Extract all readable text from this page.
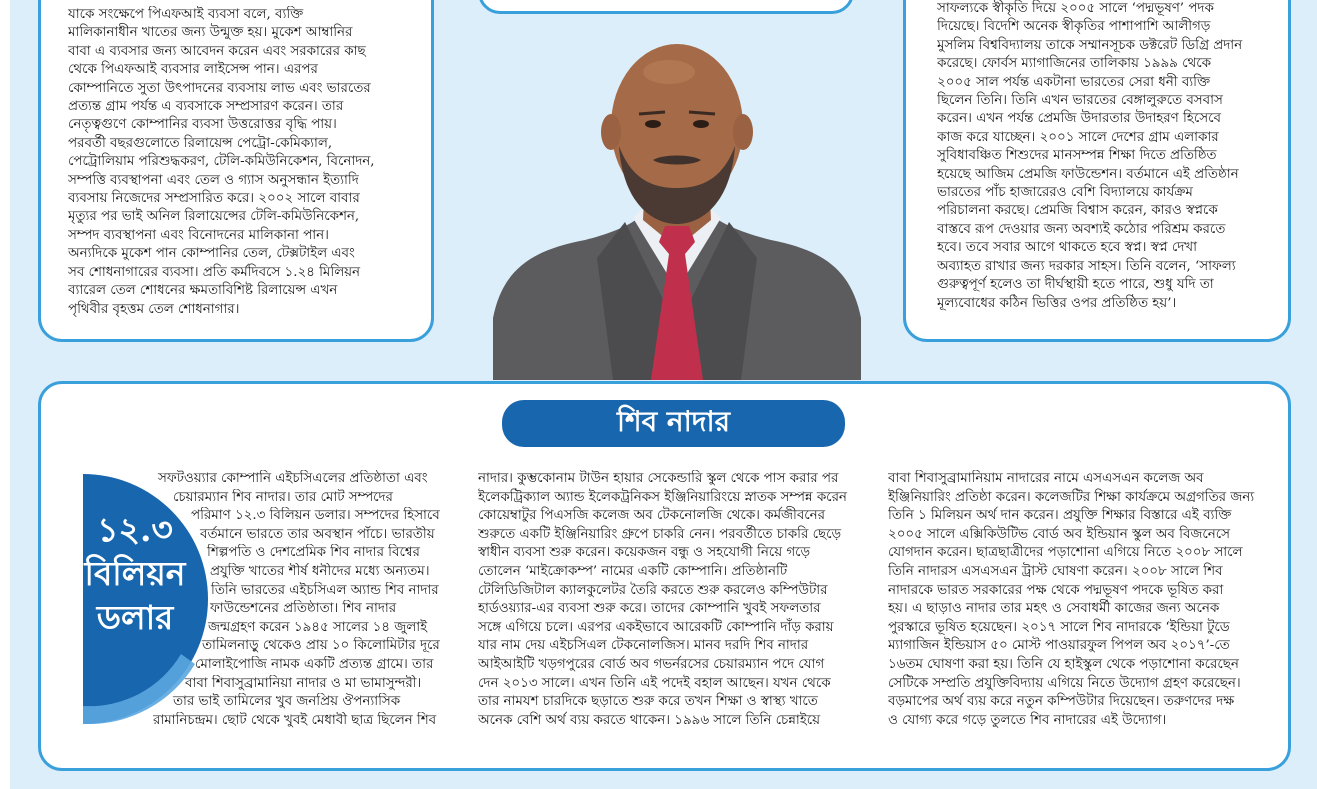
যাকে সংক্ষেপে পিএফআই ব্যবসা বলে, ব্যক্তি
মালিকানাধীন খাতের জন্য উন্মুক্ত হয়। মুকেশ আম্বানির
বাবা এ ব্যবসার জন্য আবেদন করেন এবং সরকারের কাছ
থেকে পিএফআই ব্যবসার লাইসেন্স পান। এরপর
কোম্পানিতে সুতা উৎপাদনের ব্যবসায় লাভ এবং ভারতের
প্রত্যন্ত গ্রাম পর্যন্ত এ ব্যবসাকে সম্প্রসারণ করেন। তার
নেতৃত্বগুণে কোম্পানির ব্যবসা উত্তরোত্তর বৃদ্ধি পায়।
পরবর্তী বছরগুলোতে রিলায়েন্স পেট্রো-কেমিক্যাল,
পেট্রোলিয়াম পরিশুদ্ধকরণ, টেলি-কমিউনিকেশন, বিনোদন,
সম্পত্তি ব্যবস্থাপনা এবং তেল ও গ্যাস অনুসন্ধান ইত্যাদি
ব্যবসায় নিজেদের সম্প্রসারিত করে। ২০০২ সালে বাবার
মৃত্যুর পর ভাই অনিল রিলায়েন্সের টেলি-কমিউনিকেশন,
সম্পদ ব্যবস্থাপনা এবং বিনোদনের মালিকানা পান।
অন্যদিকে মুকেশ পান কোম্পানির তেল, টেক্সটাইল এবং
সব শোধনাগারের ব্যবসা। প্রতি কর্মদিবসে ১.২৪ মিলিয়ন
ব্যারেল তেল শোধনের ক্ষমতাবিশিষ্ট রিলায়েন্স এখন
পৃথিবীর বৃহত্তম তেল শোধনাগার।
সাফল্যকে স্বীকৃতি দিয়ে ২০০৫ সালে ‘পদ্মভূষণ’ পদক
দিয়েছে। বিদেশি অনেক স্বীকৃতির পাশাপাশি আলীগড়
মুসলিম বিশ্ববিদ্যালয় তাকে সম্মানসূচক ডক্টরেট ডিগ্রি প্রদান
করেছে। ফোর্বস ম্যাগাজিনের তালিকায় ১৯৯৯ থেকে
২০০৫ সাল পর্যন্ত একটানা ভারতের সেরা ধনী ব্যক্তি
ছিলেন তিনি। তিনি এখন ভারতের বেঙ্গালুরুতে বসবাস
করেন। এখন পর্যন্ত প্রেমজি উদারতার উদাহরণ হিসেবে
কাজ করে যাচ্ছেন। ২০০১ সালে দেশের গ্রাম এলাকার
সুবিধাবঞ্চিত শিশুদের মানসম্পন্ন শিক্ষা দিতে প্রতিষ্ঠিত
হয়েছে আজিম প্রেমজি ফাউন্ডেশন। বর্তমানে এই প্রতিষ্ঠান
ভারতের পাঁচ হাজারেরও বেশি বিদ্যালয়ে কার্যক্রম
পরিচালনা করছে। প্রেমজি বিশ্বাস করেন, কারও স্বপ্নকে
বাস্তবে রূপ দেওয়ার জন্য অবশ্যই কঠোর পরিশ্রম করতে
হবে। তবে সবার আগে থাকতে হবে স্বপ্ন। স্বপ্ন দেখা
অব্যাহত রাখার জন্য দরকার সাহস। তিনি বলেন, ‘সাফল্য
গুরুত্বপূর্ণ হলেও তা দীর্ঘস্থায়ী হতে পারে, শুধু যদি তা
মূল্যবোধের কঠিন ভিত্তির ওপর প্রতিষ্ঠিত হয়’।
শিব নাদার
১২.৩
বিলিয়ন
ডলার
সফটওয়্যার কোম্পানি এইচসিএলের প্রতিষ্ঠাতা এবং
চেয়ারম্যান শিব নাদার। তার মোট সম্পদের
পরিমাণ ১২.৩ বিলিয়ন ডলার। সম্পদের হিসাবে
বর্তমানে ভারতে তার অবস্থান পাঁচে। ভারতীয়
শিল্পপতি ও দেশপ্রেমিক শিব নাদার বিশ্বের
প্রযুক্তি খাতের শীর্ষ ধনীদের মধ্যে অন্যতম।
তিনি ভারতের এইচসিএল অ্যান্ড শিব নাদার
ফাউন্ডেশনের প্রতিষ্ঠাতা। শিব নাদার
জন্মগ্রহণ করেন ১৯৪৫ সালের ১৪ জুলাই
তামিলনাড়ু থেকেও প্রায় ১০ কিলোমিটার দূরে
মোলাইপোজি নামক একটি প্রত্যন্ত গ্রামে। তার
বাবা শিবাসুব্রামানিয়া নাদার ও মা ভামাসুন্দরী।
তার ভাই তামিলের খুব জনপ্রিয় ঔপন্যাসিক
রামানিচন্দ্রম। ছোট থেকে খুবই মেধাবী ছাত্র ছিলেন শিব
নাদার। কুম্ভকোনাম টাউন হায়ার সেকেন্ডারি স্কুল থেকে পাস করার পর
ইলেকট্রিক্যাল অ্যান্ড ইলেকট্রনিকস ইঞ্জিনিয়ারিংয়ে স্নাতক সম্পন্ন করেন
কোয়েম্বাটুর পিএসজি কলেজ অব টেকনোলজি থেকে। কর্মজীবনের
শুরুতে একটি ইঞ্জিনিয়ারিং গ্রুপে চাকরি নেন। পরবর্তীতে চাকরি ছেড়ে
স্বাধীন ব্যবসা শুরু করেন। কয়েকজন বন্ধু ও সহযোগী নিয়ে গড়ে
তোলেন ‘মাইক্রোকম্প’ নামের একটি কোম্পানি। প্রতিষ্ঠানটি
টেলিডিজিটাল ক্যালকুলেটর তৈরি করতে শুরু করলেও কম্পিউটার
হার্ডওয়্যার-এর ব্যবসা শুরু করে। তাদের কোম্পানি খুবই সফলতার
সঙ্গে এগিয়ে চলে। এরপর একইভাবে আরেকটি কোম্পানি দাঁড় করায়
যার নাম দেয় এইচসিএল টেকনোলজিস। মানব দরদি শিব নাদার
আইআইটি খড়গপুরের বোর্ড অব গভর্নরসের চেয়ারম্যান পদে যোগ
দেন ২০১৩ সালে। এখন তিনি এই পদেই বহাল আছেন। যখন থেকে
তার নামযশ চারদিকে ছড়াতে শুরু করে তখন শিক্ষা ও স্বাস্থ্য খাতে
অনেক বেশি অর্থ ব্যয় করতে থাকেন। ১৯৯৬ সালে তিনি চেন্নাইয়ে
বাবা শিবাসুব্রামানিয়াম নাদারের নামে এসএসএন কলেজ অব
ইঞ্জিনিয়ারিং প্রতিষ্ঠা করেন। কলেজটির শিক্ষা কার্যক্রমে অগ্রগতির জন্য
তিনি ১ মিলিয়ন অর্থ দান করেন। প্রযুক্তি শিক্ষার বিস্তারে এই ব্যক্তি
২০০৫ সালে এক্সিকিউটিভ বোর্ড অব ইন্ডিয়ান স্কুল অব বিজনেসে
যোগদান করেন। ছাত্রছাত্রীদের পড়াশোনা এগিয়ে নিতে ২০০৮ সালে
তিনি নাদারস এসএসএন ট্রাস্ট ঘোষণা করেন। ২০০৮ সালে শিব
নাদারকে ভারত সরকারের পক্ষ থেকে পদ্মভূষণ পদকে ভূষিত করা
হয়। এ ছাড়াও নাদার তার মহৎ ও সেবাধর্মী কাজের জন্য অনেক
পুরস্কারে ভূষিত হয়েছেন। ২০১৭ সালে শিব নাদারকে ‘ইন্ডিয়া টুডে
ম্যাগাজিন ইন্ডিয়াস ৫০ মোস্ট পাওয়ারফুল পিপল অব ২০১৭’-তে
১৬তম ঘোষণা করা হয়। তিনি যে হাইস্কুল থেকে পড়াশোনা করেছেন
সেটিকে সম্প্রতি প্রযুক্তিবিদ্যায় এগিয়ে নিতে উদ্যোগ গ্রহণ করেছেন।
বড়মাপের অর্থ ব্যয় করে নতুন কম্পিউটার দিয়েছেন। তরুণদের দক্ষ
ও যোগ্য করে গড়ে তুলতে শিব নাদারের এই উদ্যোগ।
